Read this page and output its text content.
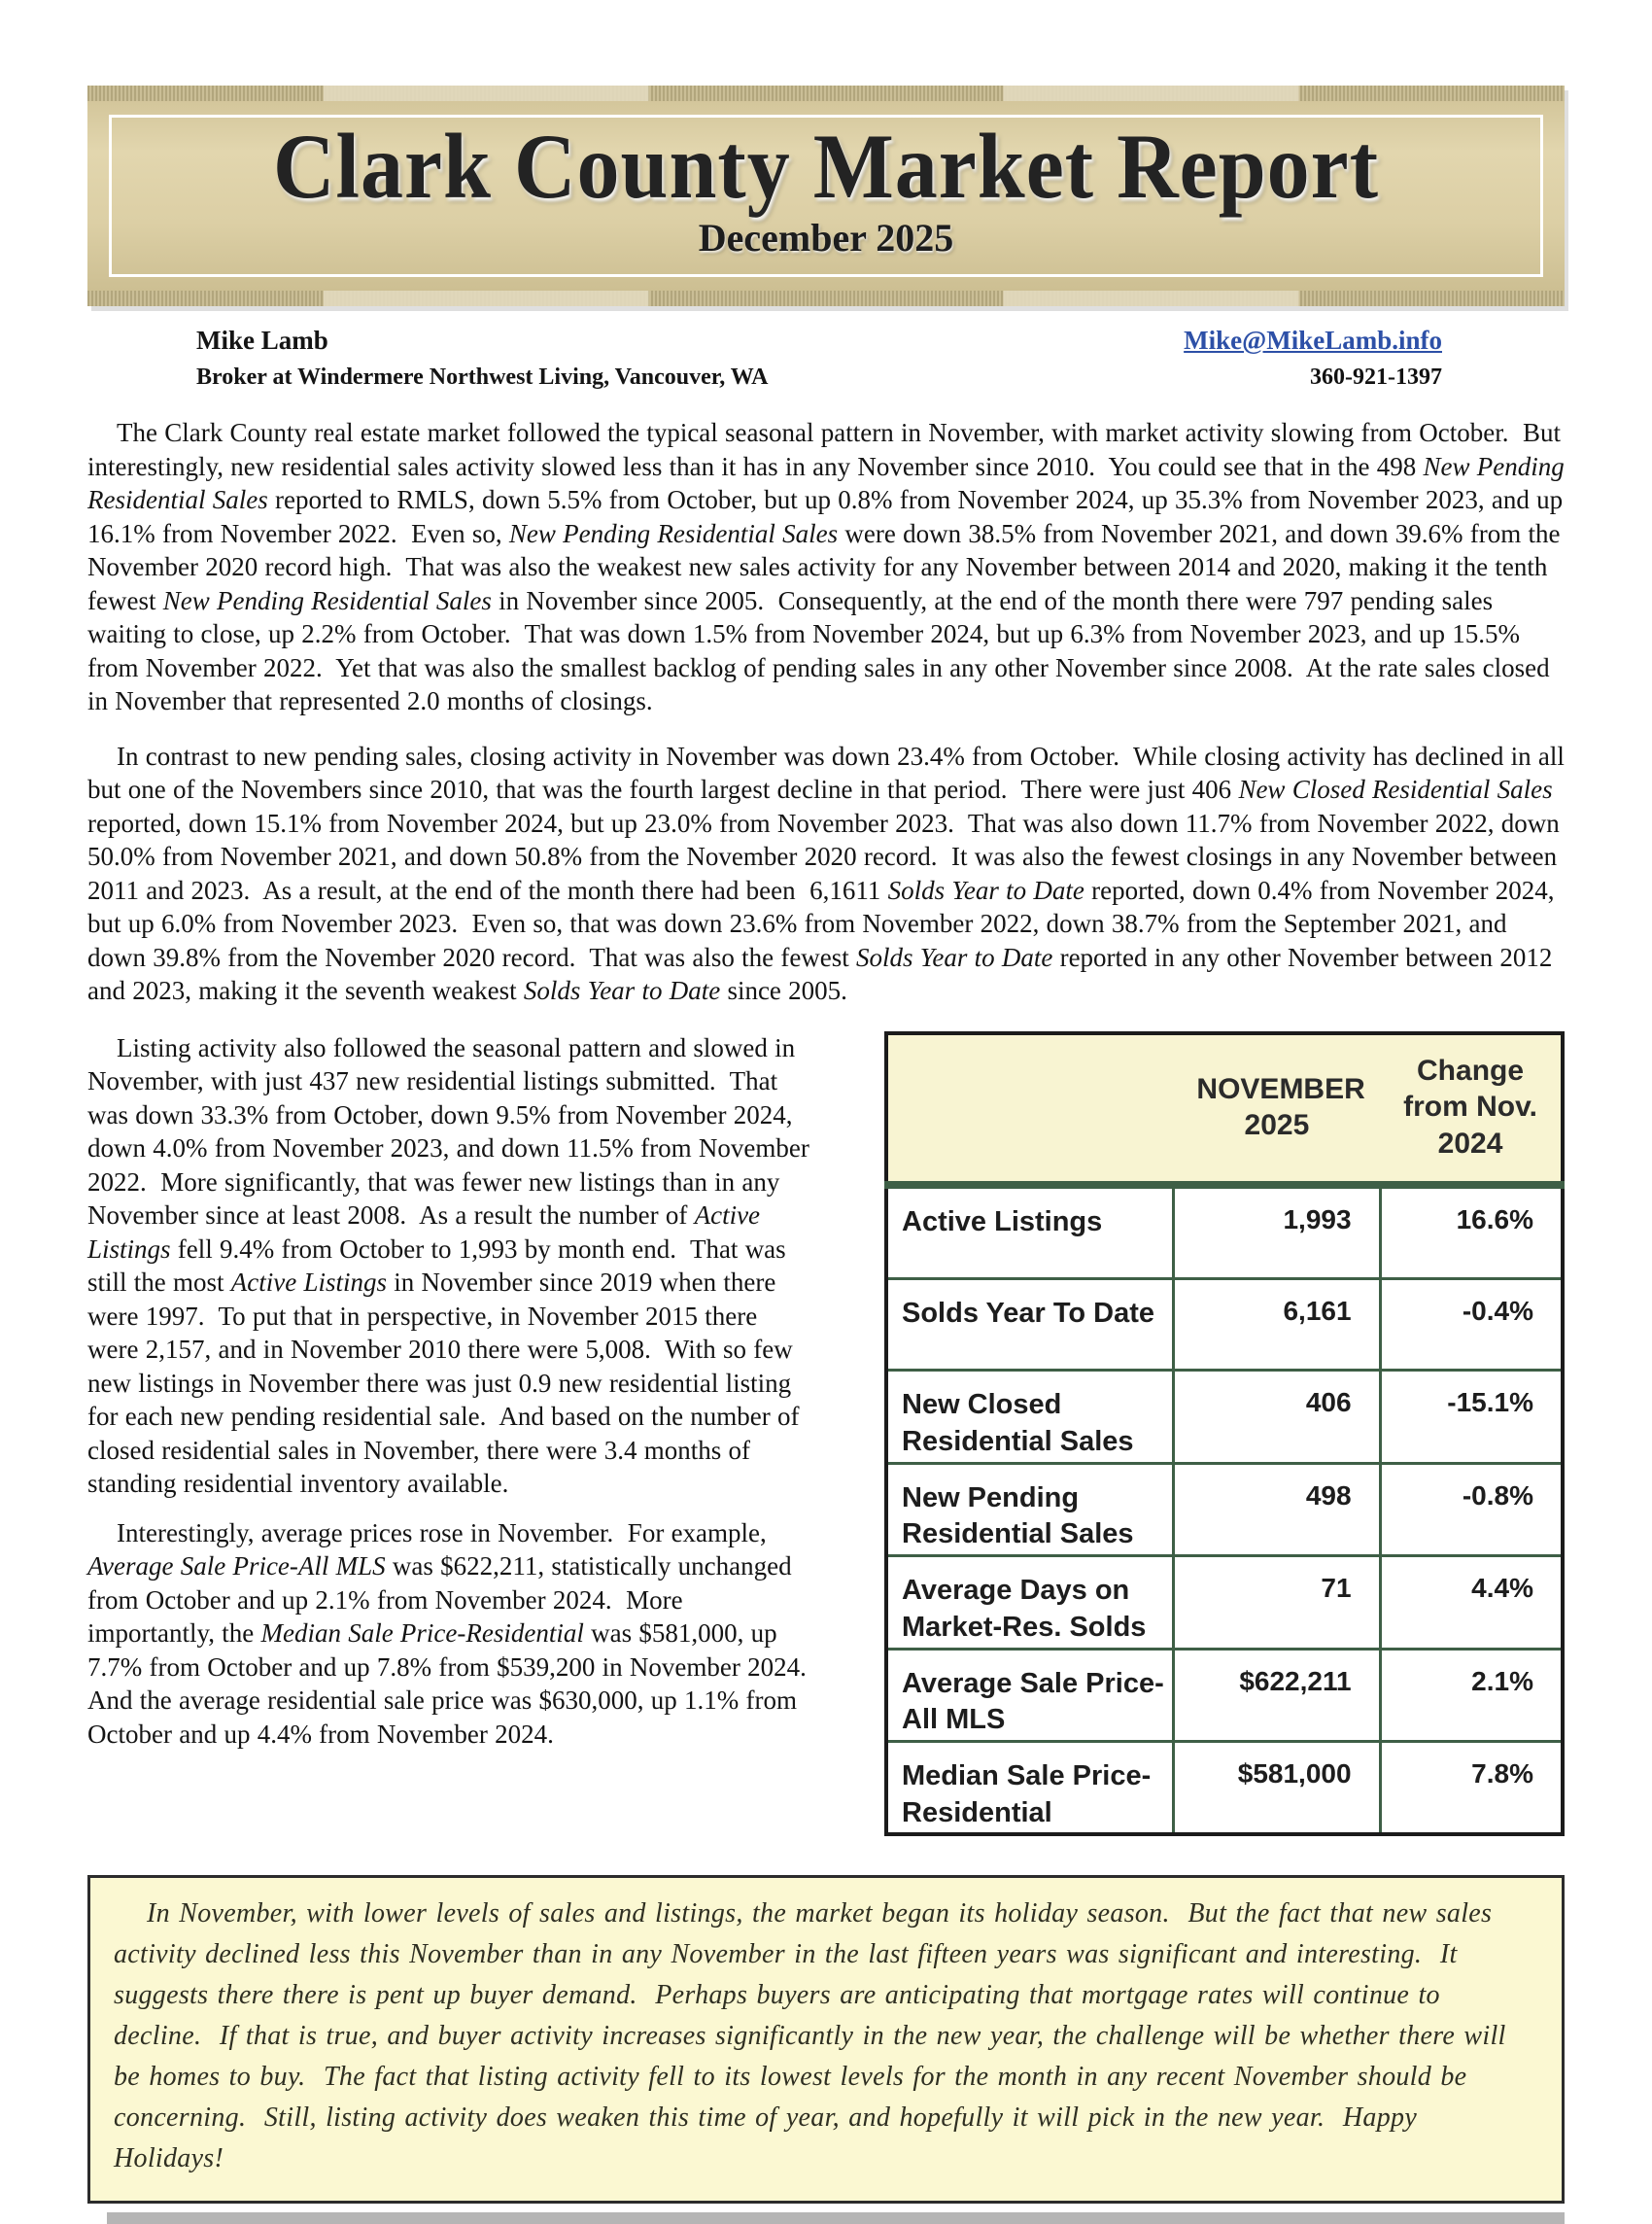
Clark County Market Report
December 2025
Mike Lamb
Broker at Windermere Northwest Living, Vancouver, WA
Mike@MikeLamb.info
360-921-1397

The Clark County real estate market followed the typical seasonal pattern in November, with market activity slowing from October.  But interestingly, new residential sales activity slowed less than it has in any November since 2010.  You could see that in the 498 New Pending Residential Sales reported to RMLS, down 5.5% from October, but up 0.8% from November 2024, up 35.3% from November 2023, and up 16.1% from November 2022.  Even so, New Pending Residential Sales were down 38.5% from November 2021, and down 39.6% from the November 2020 record high.  That was also the weakest new sales activity for any November between 2014 and 2020, making it the tenth fewest New Pending Residential Sales in November since 2005.  Consequently, at the end of the month there were 797 pending sales waiting to close, up 2.2% from October.  That was down 1.5% from November 2024, but up 6.3% from November 2023, and up 15.5% from November 2022.  Yet that was also the smallest backlog of pending sales in any other November since 2008.  At the rate sales closed in November that represented 2.0 months of closings.

In contrast to new pending sales, closing activity in November was down 23.4% from October.  While closing activity has declined in all but one of the Novembers since 2010, that was the fourth largest decline in that period.  There were just 406 New Closed Residential Sales reported, down 15.1% from November 2024, but up 23.0% from November 2023.  That was also down 11.7% from November 2022, down 50.0% from November 2021, and down 50.8% from the November 2020 record.  It was also the fewest closings in any November between 2011 and 2023.  As a result, at the end of the month there had been  6,1611 Solds Year to Date reported, down 0.4% from November 2024, but up 6.0% from November 2023.  Even so, that was down 23.6% from November 2022, down 38.7% from the September 2021, and down 39.8% from the November 2020 record.  That was also the fewest Solds Year to Date reported in any other November between 2012 and 2023, making it the seventh weakest Solds Year to Date since 2005.

Listing activity also followed the seasonal pattern and slowed in November, with just 437 new residential listings submitted.  That was down 33.3% from October, down 9.5% from November 2024, down 4.0% from November 2023, and down 11.5% from November 2022.  More significantly, that was fewer new listings than in any November since at least 2008.  As a result the number of Active Listings fell 9.4% from October to 1,993 by month end.  That was still the most Active Listings in November since 2019 when there were 1997.  To put that in perspective, in November 2015 there were 2,157, and in November 2010 there were 5,008.  With so few new listings in November there was just 0.9 new residential listing for each new pending residential sale.  And based on the number of closed residential sales in November, there were 3.4 months of standing residential inventory available.

Interestingly, average prices rose in November.  For example, Average Sale Price-All MLS was $622,211, statistically unchanged from October and up 2.1% from November 2024.  More importantly, the Median Sale Price-Residential was $581,000, up 7.7% from October and up 7.8% from $539,200 in November 2024.  And the average residential sale price was $630,000, up 1.1% from October and up 4.4% from November 2024.

	NOVEMBER 2025	Change from Nov. 2024
Active Listings	1,993	16.6%
Solds Year To Date	6,161	-0.4%
New Closed Residential Sales	406	-15.1%
New Pending Residential Sales	498	-0.8%
Average Days on Market-Res. Solds	71	4.4%
Average Sale Price- All MLS	$622,211	2.1%
Median Sale Price- Residential	$581,000	7.8%

In November, with lower levels of sales and listings, the market began its holiday season.  But the fact that new sales activity declined less this November than in any November in the last fifteen years was significant and interesting.  It suggests there there is pent up buyer demand.  Perhaps buyers are anticipating that mortgage rates will continue to decline.  If that is true, and buyer activity increases significantly in the new year, the challenge will be whether there will be homes to buy.  The fact that listing activity fell to its lowest levels for the month in any recent November should be concerning.  Still, listing activity does weaken this time of year, and hopefully it will pick in the new year.  Happy Holidays!
